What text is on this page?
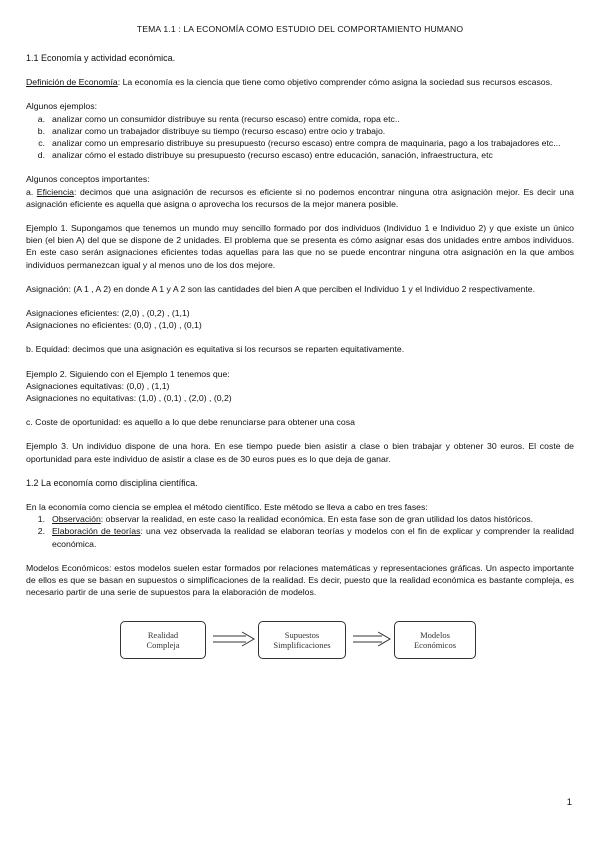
TEMA 1.1 : LA ECONOMÍA COMO ESTUDIO DEL COMPORTAMIENTO HUMANO
1.1 Economía y actividad económica.

Definición de Economía: La economía es la ciencia que tiene como objetivo comprender cómo asigna la sociedad sus recursos escasos.

Algunos ejemplos:

a. analizar como un consumidor distribuye su renta (recurso escaso) entre comida, ropa etc..
b. analizar como un trabajador distribuye su tiempo (recurso escaso) entre ocio y trabajo.
c. analizar como un empresario distribuye su presupuesto (recurso escaso) entre compra de maquinaria, pago a los trabajadores etc...
d. analizar cómo el estado distribuye su presupuesto (recurso escaso) entre educación, sanación, infraestructura, etc

Algunos conceptos importantes:

a. Eficiencia: decimos que una asignación de recursos es eficiente si no podemos encontrar ninguna otra asignación mejor. Es decir una asignación eficiente es aquella que asigna o aprovecha los recursos de la mejor manera posible.

Ejemplo 1. Supongamos que tenemos un mundo muy sencillo formado por dos individuos (Individuo 1 e Individuo 2) y que existe un único bien (el bien A) del que se dispone de 2 unidades. El problema que se presenta es cómo asignar esas dos unidades entre ambos individuos. En este caso serán asignaciones eficientes todas aquellas para las que no se puede encontrar ninguna otra asignación en la que ambos individuos permanezcan igual y al menos uno de los dos mejore.

Asignación: (A 1 , A 2) en donde A 1 y A 2 son las cantidades del bien A que perciben el Individuo 1 y el Individuo 2 respectivamente.

Asignaciones eficientes: (2,0) , (0,2) , (1,1)

Asignaciones no eficientes: (0,0) , (1,0) , (0,1)

b. Equidad: decimos que una asignación es equitativa si los recursos se reparten equitativamente.

Ejemplo 2. Siguiendo con el Ejemplo 1 tenemos que:

Asignaciones equitativas: (0,0) , (1,1)

Asignaciones no equitativas: (1,0) , (0,1) , (2,0) , (0,2)

c. Coste de oportunidad: es aquello a lo que debe renunciarse para obtener una cosa

Ejemplo 3. Un individuo dispone de una hora. En ese tiempo puede bien asistir a clase o bien trabajar y obtener 30 euros. El coste de oportunidad para este individuo de asistir a clase es de 30 euros pues es lo que deja de ganar.

1.2 La economía como disciplina científica.

En la economía como ciencia se emplea el método científico. Este método se lleva a cabo en tres fases:

1. Observación: observar la realidad, en este caso la realidad económica. En esta fase son de gran utilidad los datos históricos.
2. Elaboración de teorías: una vez observada la realidad se elaboran teorías y modelos con el fin de explicar y comprender la realidad económica.

Modelos Económicos: estos modelos suelen estar formados por relaciones matemáticas y representaciones gráficas. Un aspecto importante de ellos es que se basan en supuestos o simplificaciones de la realidad. Es decir, puesto que la realidad económica es bastante compleja, es necesario partir de una serie de supuestos para la elaboración de modelos.

Realidad
Compleja
Supuestos
Simplificaciones
Modelos
Económicos
1
